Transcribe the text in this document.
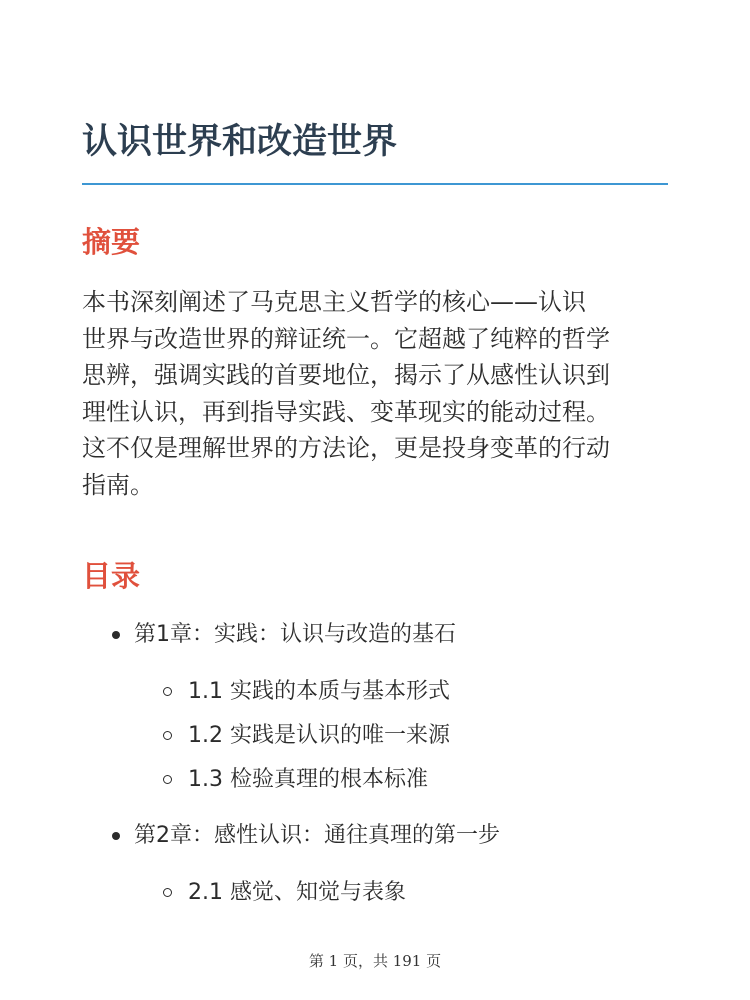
认识世界和改造世界
摘要

本书深刻阐述了马克思主义哲学的核心——认识
世界与改造世界的辩证统一。它超越了纯粹的哲学
思辨，强调实践的首要地位，揭示了从感性认识到
理性认识，再到指导实践、变革现实的能动过程。
这不仅是理解世界的方法论，更是投身变革的行动
指南。

目录
第1章：实践：认识与改造的基石
1.1 实践的本质与基本形式
1.2 实践是认识的唯一来源
1.3 检验真理的根本标准
第2章：感性认识：通往真理的第一步
2.1 感觉、知觉与表象
第 1 页，共 191 页
